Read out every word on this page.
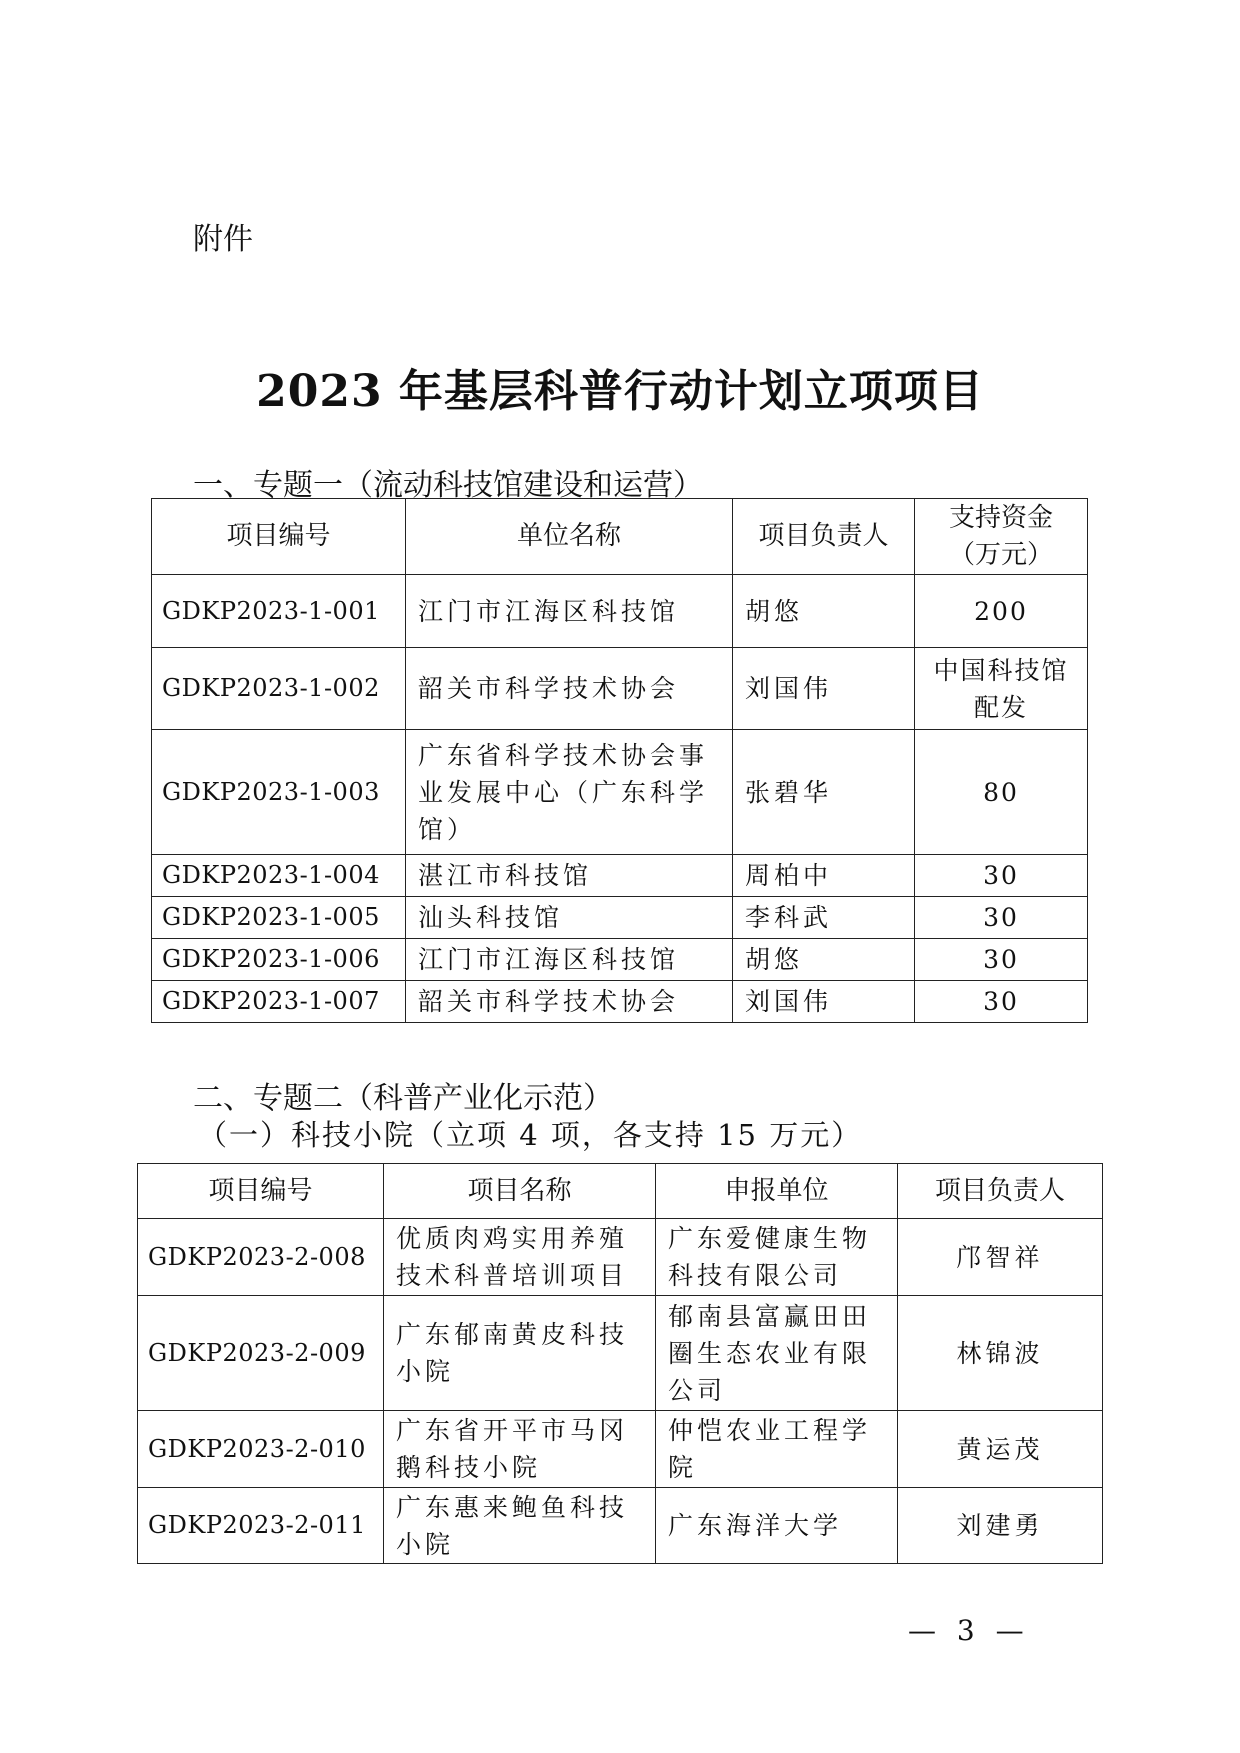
附件
2023 年基层科普行动计划立项项目
一、专题一（流动科技馆建设和运营）
项目编号	单位名称	项目负责人	支持资金
（万元）
GDKP2023-1-001	江门市江海区科技馆	胡悠	200
GDKP2023-1-002	韶关市科学技术协会	刘国伟	中国科技馆
配发
GDKP2023-1-003	广东省科学技术协会事业发展中心（广东科学馆）	张碧华	80
GDKP2023-1-004	湛江市科技馆	周柏中	30
GDKP2023-1-005	汕头科技馆	李科武	30
GDKP2023-1-006	江门市江海区科技馆	胡悠	30
GDKP2023-1-007	韶关市科学技术协会	刘国伟	30
二、专题二（科普产业化示范）
（一）科技小院（立项 4 项，各支持 15 万元）
项目编号	项目名称	申报单位	项目负责人
GDKP2023-2-008	优质肉鸡实用养殖技术科普培训项目	广东爱健康生物科技有限公司	邝智祥
GDKP2023-2-009	广东郁南黄皮科技小院	郁南县富赢田田圈生态农业有限公司	林锦波
GDKP2023-2-010	广东省开平市马冈鹅科技小院	仲恺农业工程学院	黄运茂
GDKP2023-2-011	广东惠来鲍鱼科技小院	广东海洋大学	刘建勇
— 3 —
